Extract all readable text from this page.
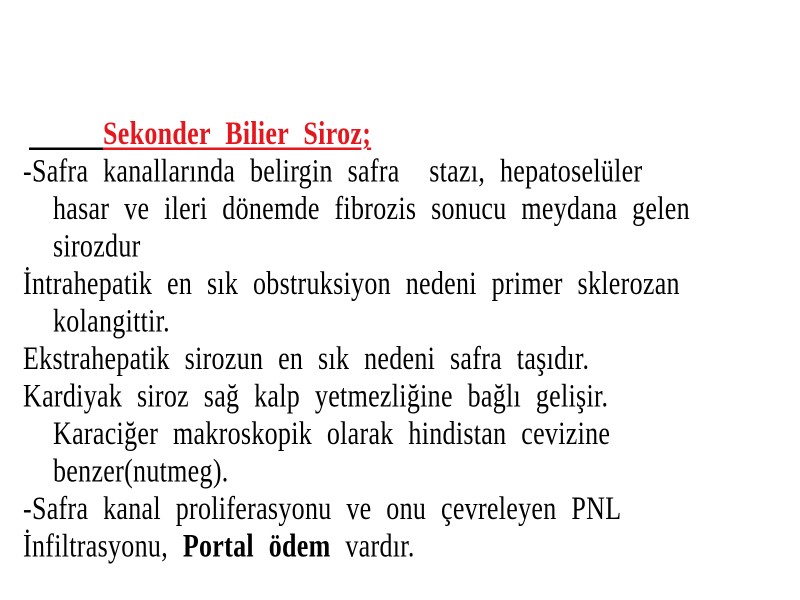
Sekonder Bilier Siroz;
-Safra kanallarında belirgin safra  stazı, hepatoselüler
hasar ve ileri dönemde fibrozis sonucu meydana gelen
sirozdur
İntrahepatik en sık obstruksiyon nedeni primer sklerozan
kolangittir.
Ekstrahepatik sirozun en sık nedeni safra taşıdır.
Kardiyak siroz sağ kalp yetmezliğine bağlı gelişir.
Karaciğer makroskopik olarak hindistan cevizine
benzer(nutmeg).
-Safra kanal proliferasyonu ve onu çevreleyen PNL
İnfiltrasyonu, Portal ödem vardır.
